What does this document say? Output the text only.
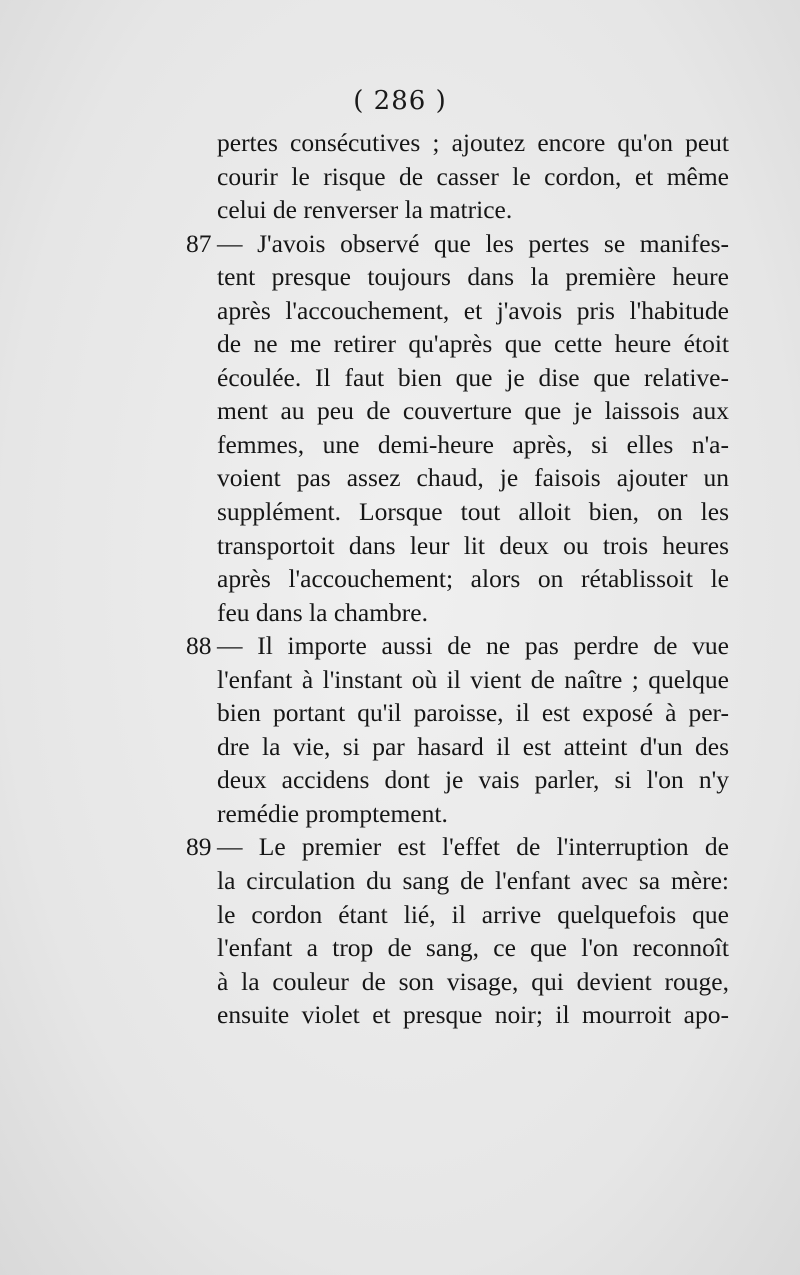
( 286 )
pertes consécutives ; ajoutez encore qu'on peut
courir le risque de casser le cordon, et même
celui de renverser la matrice.
87 — J'avois observé que les pertes se manifes-
tent presque toujours dans la première heure
après l'accouchement, et j'avois pris l'habitude
de ne me retirer qu'après que cette heure étoit
écoulée. Il faut bien que je dise que relative-
ment au peu de couverture que je laissois aux
femmes, une demi-heure après, si elles n'a-
voient pas assez chaud, je faisois ajouter un
supplément. Lorsque tout alloit bien, on les
transportoit dans leur lit deux ou trois heures
après l'accouchement; alors on rétablissoit le
feu dans la chambre.
88 — Il importe aussi de ne pas perdre de vue
l'enfant à l'instant où il vient de naître ; quelque
bien portant qu'il paroisse, il est exposé à per-
dre la vie, si par hasard il est atteint d'un des
deux accidens dont je vais parler, si l'on n'y
remédie promptement.
89 — Le premier est l'effet de l'interruption de
la circulation du sang de l'enfant avec sa mère:
le cordon étant lié, il arrive quelquefois que
l'enfant a trop de sang, ce que l'on reconnoît
à la couleur de son visage, qui devient rouge,
ensuite violet et presque noir; il mourroit apo-
